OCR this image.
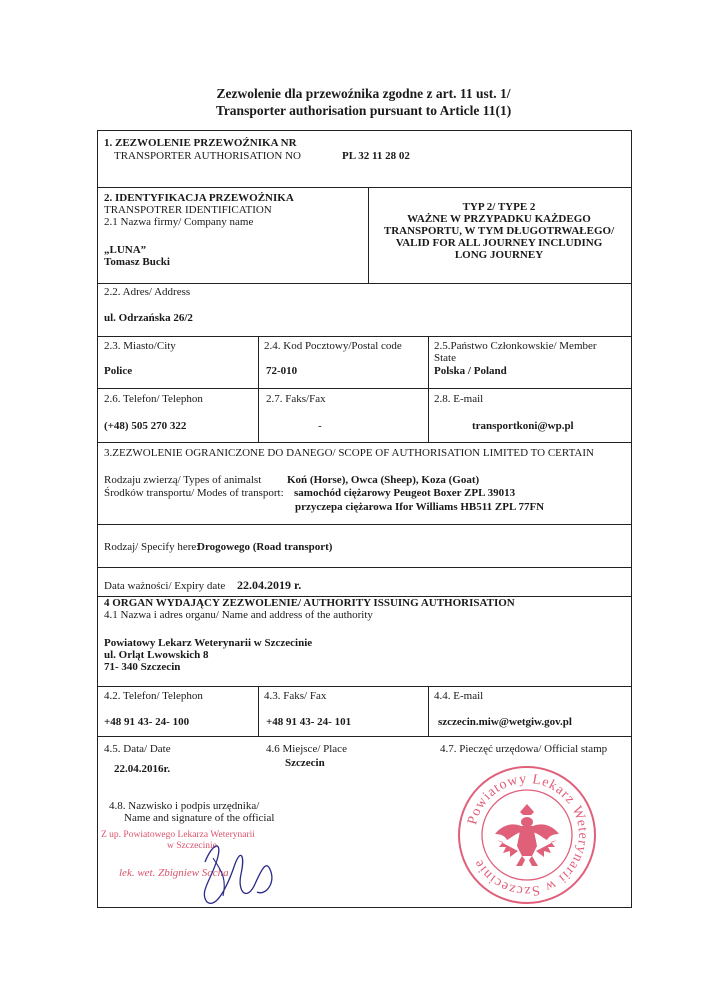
Zezwolenie dla przewoźnika zgodne z art. 11 ust. 1/
Transporter authorisation pursuant to Article 11(1)
1. ZEZWOLENIE PRZEWOŹNIKA NR
TRANSPORTER AUTHORISATION NO	PL 32 11 28 02
2. IDENTYFIKACJA PRZEWOŹNIKA
TRANSPOTRER IDENTIFICATION
2.1 Nazwa firmy/ Company name
„LUNA”
Tomasz Bucki
TYP 2/ TYPE 2
WAŻNE W PRZYPADKU KAŻDEGO
TRANSPORTU, W TYM DŁUGOTRWAŁEGO/
VALID FOR ALL JOURNEY INCLUDING
LONG JOURNEY
2.2. Adres/ Address
ul. Odrzańska 26/2
2.3. Miasto/City
Police
2.4. Kod Pocztowy/Postal code
72-010
2.5.Państwo Członkowskie/ Member
State
Polska / Poland
2.6. Telefon/ Telephon
(+48) 505 270 322
2.7. Faks/Fax
-
2.8. E-mail
transportkoni@wp.pl
3.ZEZWOLENIE OGRANICZONE DO DANEGO/ SCOPE OF AUTHORISATION LIMITED TO CERTAIN
Rodzaju zwierzą/ Types of animalst Koń (Horse), Owca (Sheep), Koza (Goat)
Środków transportu/ Modes of transport: samochód ciężarowy Peugeot Boxer ZPL 39013
przyczepa ciężarowa Ifor Williams HB511 ZPL 77FN
Rodzaj/ Specify here:
Drogowego (Road transport)
Data ważności/ Expiry date 22.04.2019 r.
4 ORGAN WYDAJĄCY ZEZWOLENIE/ AUTHORITY ISSUING AUTHORISATION
4.1 Nazwa i adres organu/ Name and address of the authority
Powiatowy Lekarz Weterynarii w Szczecinie
ul. Orląt Lwowskich 8
71- 340 Szczecin
4.2. Telefon/ Telephon
+48 91 43- 24- 100
4.3. Faks/ Fax
+48 91 43- 24- 101
4.4. E-mail
szczecin.miw@wetgiw.gov.pl
4.5. Data/ Date
22.04.2016r.
4.6 Miejsce/ Place
Szczecin
4.7. Pieczęć urzędowa/ Official stamp
4.8. Nazwisko i podpis urzędnika/
Name and signature of the official
Z up. Powiatowego Lekarza Weterynarii
w Szczecinie
lek. wet. Zbigniew Socha
Powiatowy Lekarz Weterynarii w Szczecinie
